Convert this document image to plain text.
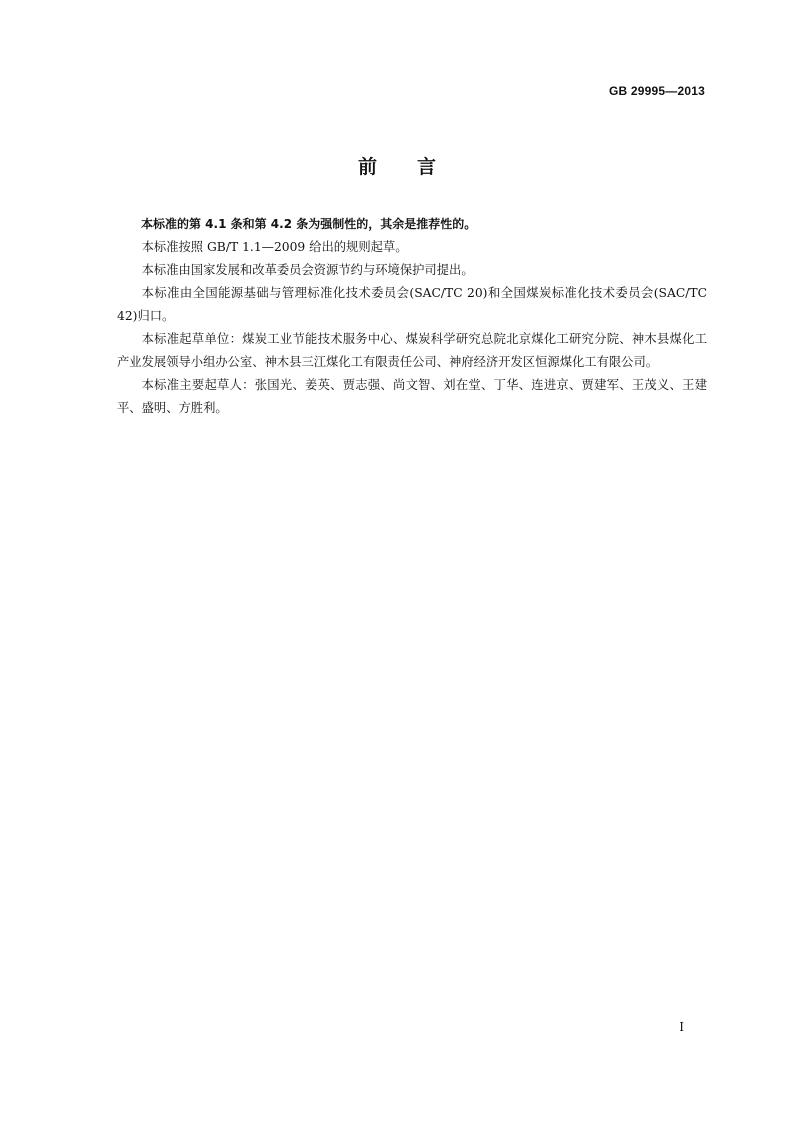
GB 29995—2013
前言

本标准的第 4.1 条和第 4.2 条为强制性的，其余是推荐性的。

本标准按照 GB/T 1.1—2009 给出的规则起草。

本标准由国家发展和改革委员会资源节约与环境保护司提出。

本标准由全国能源基础与管理标准化技术委员会(SAC/TC 20)和全国煤炭标准化技术委员会(SAC/TC 42)归口。

本标准起草单位：煤炭工业节能技术服务中心、煤炭科学研究总院北京煤化工研究分院、神木县煤化工产业发展领导小组办公室、神木县三江煤化工有限责任公司、神府经济开发区恒源煤化工有限公司。

本标准主要起草人：张国光、姜英、贾志强、尚文智、刘在堂、丁华、连进京、贾建军、王茂义、王建平、盛明、方胜利。

I
